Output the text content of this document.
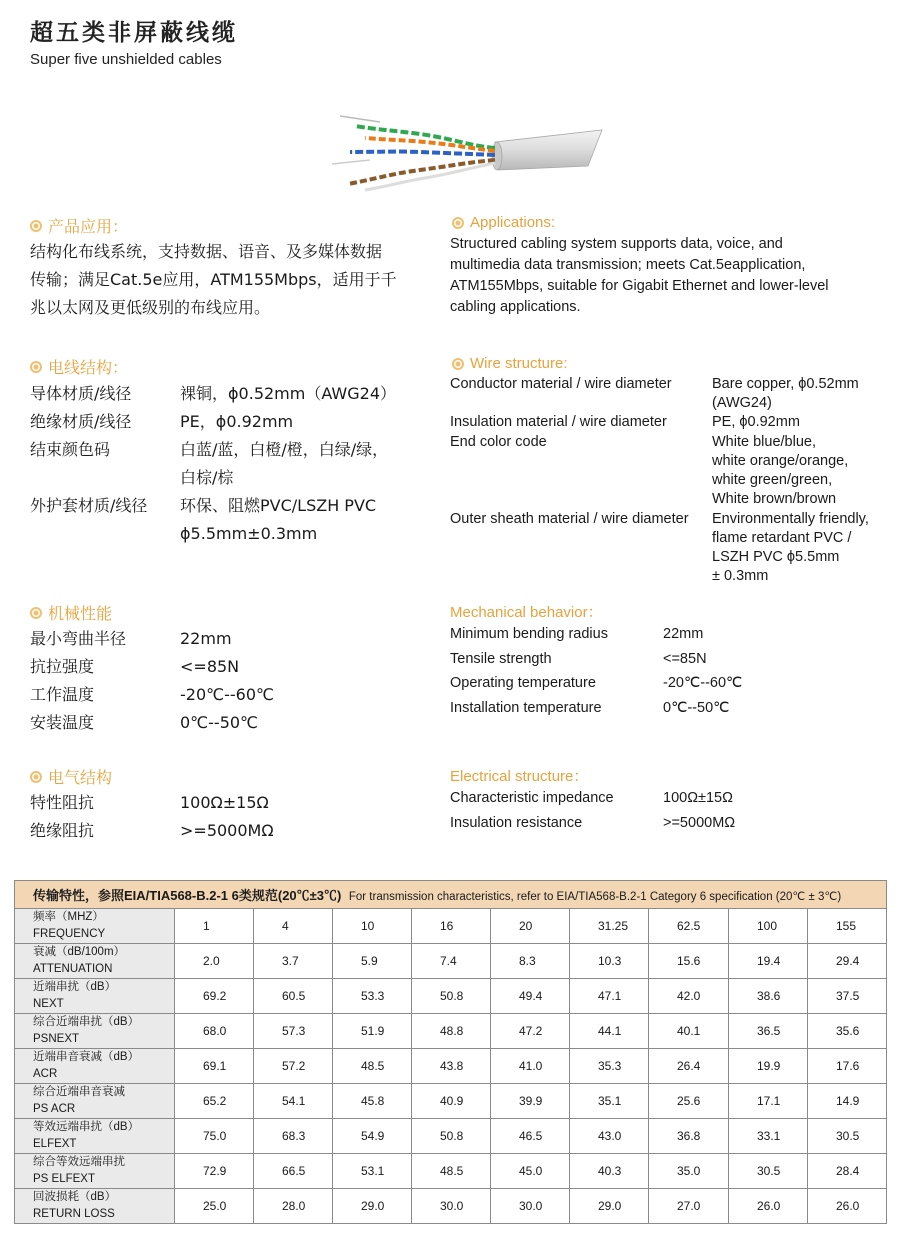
超五类非屏蔽线缆
Super five unshielded cables
产品应用：
结构化布线系统，支持数据、语音、及多媒体数据
传输；满足Cat.5e应用，ATM155Mbps，适用于千
兆以太网及更低级别的布线应用。
Applications:
Structured cabling system supports data, voice, and
multimedia data transmission; meets Cat.5eapplication,
ATM155Mbps, suitable for Gigabit Ethernet and lower-level
cabling applications.
电线结构：
导体材质/线径	裸铜，ϕ0.52mm（AWG24）
绝缘材质/线径	PE，ϕ0.92mm
结束颜色码	白蓝/蓝，白橙/橙，白绿/绿，
白棕/棕
外护套材质/线径 环保、阻燃PVC/LSZH PVC
ϕ5.5mm±0.3mm
Wire structure:
Conductor material / wire diameter	Bare copper, ϕ0.52mm
(AWG24)
Insulation material / wire diameter	PE, ϕ0.92mm
End color code	White blue/blue,
white orange/orange,
white green/green,
White brown/brown
Outer sheath material / wire diameter Environmentally friendly,
flame retardant PVC /
LSZH PVC ϕ5.5mm
± 0.3mm
机械性能
最小弯曲半径	22mm
抗拉强度	<=85N
工作温度	-20℃--60℃
安装温度	0℃--50℃
Mechanical behavior：
Minimum bending radius	22mm
Tensile strength	<=85N
Operating temperature	-20℃--60℃
Installation temperature	0℃--50℃
电气结构
特性阻抗	100Ω±15Ω
绝缘阻抗	>=5000MΩ
Electrical structure：
Characteristic impedance	100Ω±15Ω
Insulation resistance	>=5000MΩ
传输特性，参照EIA/TIA568-B.2-1 6类规范(20℃±3℃) For transmission characteristics, refer to EIA/TIA568-B.2-1 Category 6 specification (20℃ ± 3℃)									

频率（MHZ）
FREQUENCY	1	4	10	16	20	31.25	62.5	100	155

衰减（dB/100m）
ATTENUATION	2.0	3.7	5.9	7.4	8.3	10.3	15.6	19.4	29.4

近端串扰（dB）
NEXT	69.2	60.5	53.3	50.8	49.4	47.1	42.0	38.6	37.5

综合近端串扰（dB）
PSNEXT	68.0	57.3	51.9	48.8	47.2	44.1	40.1	36.5	35.6

近端串音衰减（dB）
ACR	69.1	57.2	48.5	43.8	41.0	35.3	26.4	19.9	17.6

综合近端串音衰减
PS ACR	65.2	54.1	45.8	40.9	39.9	35.1	25.6	17.1	14.9

等效远端串扰（dB）
ELFEXT	75.0	68.3	54.9	50.8	46.5	43.0	36.8	33.1	30.5

综合等效远端串扰
PS ELFEXT	72.9	66.5	53.1	48.5	45.0	40.3	35.0	30.5	28.4

回波损耗（dB）
RETURN LOSS	25.0	28.0	29.0	30.0	30.0	29.0	27.0	26.0	26.0
